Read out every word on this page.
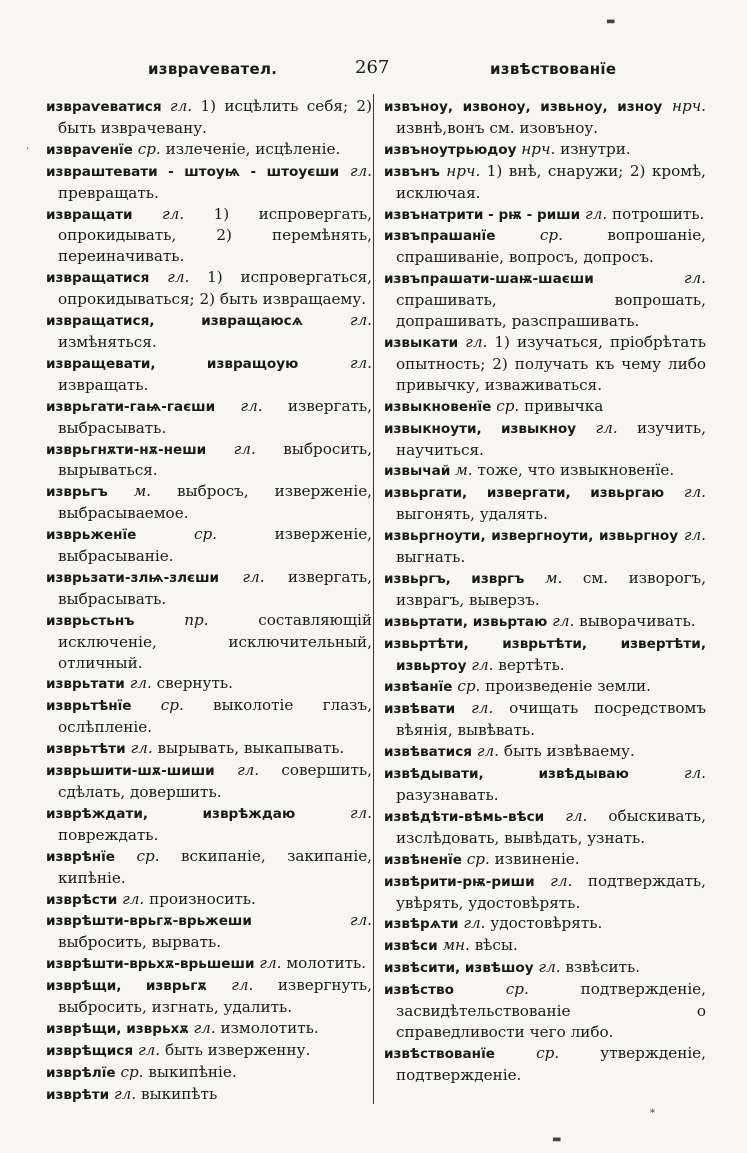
извраѵевател.	267	извѣствованїе

извраѵеватися гл. 1) исцѣлить себя; 2) быть извpачевану.

извраѵенїе ср. излеченіе, исцѣленіе.

извраштевати - штоуѩ - штоуєши гл. превращать.

извращати гл. 1) испровергать, опрокидывать, 2) перемѣнять, переиначивать.

извращатися гл. 1) испровергаться, опрокидываться; 2) быть извращаему.

извращатися, извращаюсѧ	гл. измѣняться.

извращевати, извращоую	гл. извращать.

изврьгати-гаѩ-гаєши гл. извергать, выбрасывать.

изврьгнѫти-нѫ-неши гл. выбросить, вырываться.

изврьгъ м. выбросъ, изверженіе, выбрасываемое.

изврьженїе	ср.	изверженіе, выбрасываніе.

изврьзати-злѩ-злєши гл. извергать, выбрасывать.

изврьстьнъ	пр.	составляющій исключеніе, исключительный, отличный.

изврьтати гл. свернуть.

изврьтѣнїе ср. выколотіе глазъ, ослѣпленіе.

изврьтѣти гл. вырывать, выкапывать.

изврьшити-шѫ-шиши гл. совершить, сдѣлать, довершить.

изврѣждати, изврѣждаю	гл. повреждать.

изврѣнїе ср. вскипаніе, закипаніе, кипѣніе.

изврѣсти гл. произносить.

изврѣшти-врьгѫ-врьжеши	гл. выбросить, вырвать.

изврѣшти-врьхѫ-врьшеши гл. молотить.

изврѣщи, изврьгѫ гл. извергнуть, выбросить, изгнать, удалить.

изврѣщи, изврьхѫ гл. измолотить.

изврѣщися гл. быть изверженну.

изврѣлїе ср. выкипѣніе.

изврѣти гл. выкипѣть

извъноу, извоноу, извьноу, изноу нрч. извнѣ,вонъ см. изовъноу.

извъноутрьюдоу нрч. изнутри.

извънъ нрч. 1) внѣ, снаружи; 2) кромѣ, исключая.

извънатрити - рѭ - риши гл. потрошить.

извъпрашанїе	ср.	вопрошаніе, спрашиваніе, вопросъ, допросъ.

извъпрашати-шаѭ-шаєши	гл. спрашивать, вопрошать, допрашивать, разспрашивать.

извыкати гл. 1) изучаться, пріобрѣтать опытность; 2) получать къ чему либо привычку, изваживаться.

извыкновенїе ср. привычка

извыкноути, извыкноу гл. изучить, научиться.

извычай м. тоже, что извыкновенїе.

извьргати, извергати, извьргаю гл. выгонять, удалять.

извьргноути, извергноути, извьргноу гл. выгнать.

извьргъ, извргъ м. см. изворогъ, изврагъ, выверзъ.

извьртати, извьртаю гл. выворачивать.

извьртѣти, изврьтѣти, извертѣти, извьртоу гл. вертѣть.

извѣанїе ср. произведеніе земли.

извѣвати гл. очищать посредствомъ вѣянія, вывѣвать.

извѣватися гл. быть извѣваему.

извѣдывати, извѣдываю	гл. разузнавать.

извѣдѣти-вѣмь-вѣси гл. обыскивать, изслѣдовать, вывѣдать, узнать.

извѣненїе ср. извиненіе.

извѣрити-рѭ-риши гл. подтверждать, увѣрять, удостовѣрять.

извѣрѧти гл. удостовѣрять.

извѣси мн. вѣсы.

извѣсити, извѣшоу гл. взвѣсить.

извѣство	ср.	подтвержденіе, засвидѣтельствованіе о справедливости чего либо.

извѣствованїе	ср.	утвержденіе, подтвержденіе.

▬
*
▬
·
